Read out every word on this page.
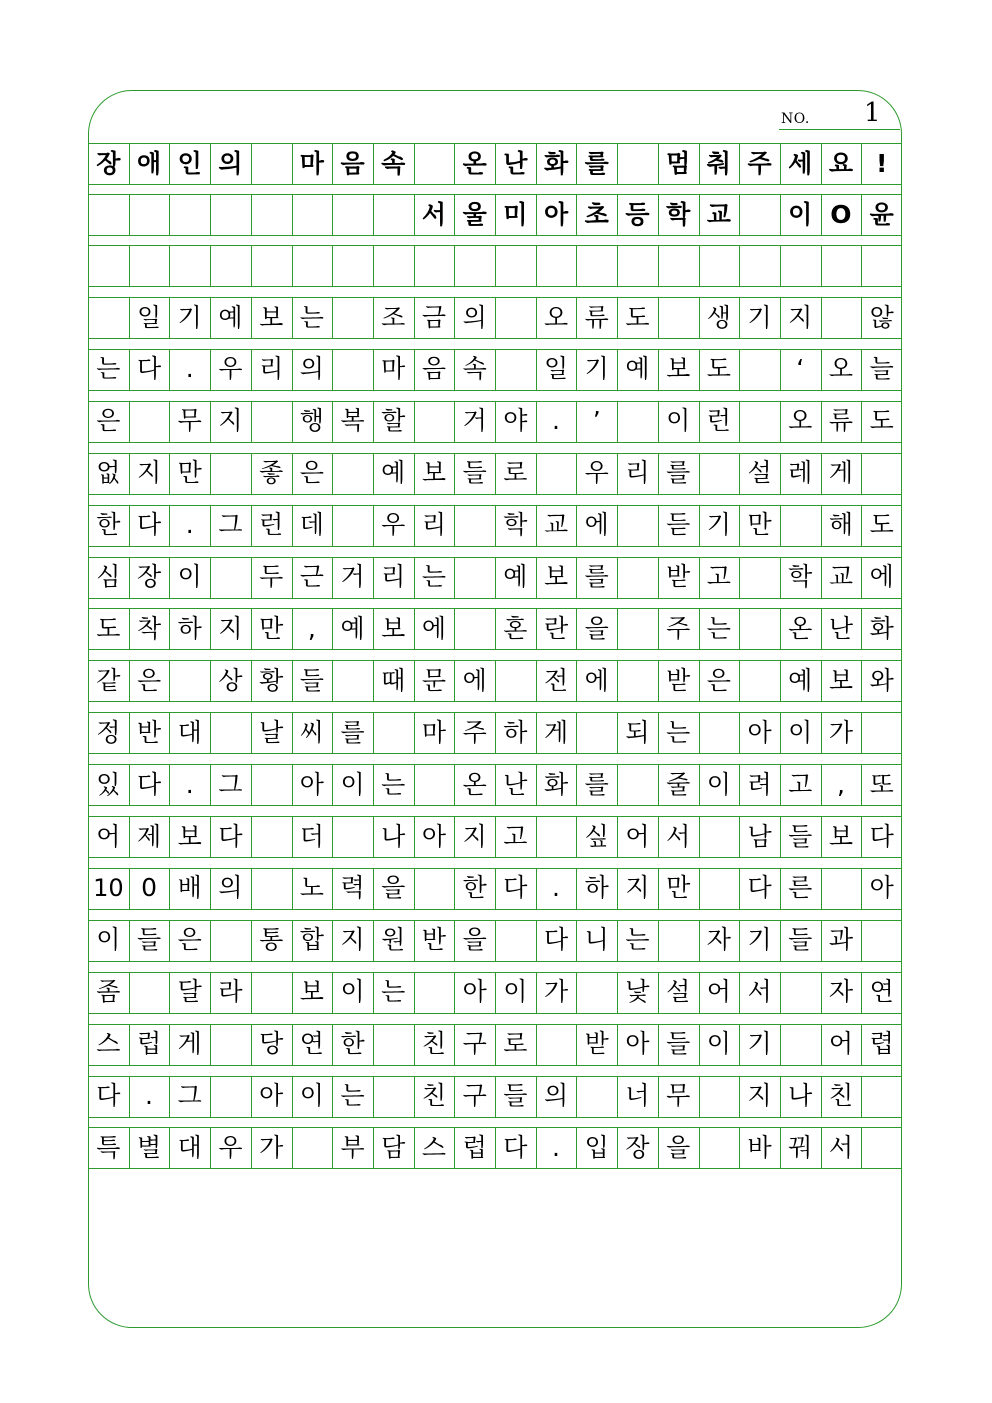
NO. 1
장 애 인 의	마 음 속	온 난 화 를	멈 춰 주 세 요 !
서 울 미 아 초 등 학 교	이 O 윤
일 기 예 보 는	조 금 의	오 류 도	생 기 지	않
는 다 . 우 리 의	마 음 속	일 기 예 보 도	‘ 오 늘
은	무 지	행 복 할	거 야 .	’	이 런	오 류 도
없 지 만	좋 은	예 보 들 로	우 리 를	설 레 게
한 다 . 그 런 데	우 리	학 교 에	듣 기 만	해 도
심 장 이	두 근 거 리 는	예 보 를	받 고	학 교 에
도 착 하 지 만 , 예 보 에	혼 란 을	주 는	온 난 화
같 은	상 황 들	때 문 에	전 에	받 은	예 보 와
정 반 대	날 씨 를	마 주 하 게	되 는	아 이 가
있 다 . 그	아 이 는	온 난 화 를	줄 이 려 고 , 또
어 제 보 다	더	나 아 지 고	싶 어 서	남 들 보 다
10 0 배 의	노 력 을	한 다 . 하 지 만	다 른	아
이 들 은	통 합 지 원 반 을	다 니 는	자 기 들 과
좀	달 라	보 이 는	아 이 가	낯 설 어 서	자 연
스 럽 게	당 연 한	친 구 로	받 아 들 이 기	어 렵
다 . 그	아 이 는	친 구 들 의	너 무	지 나 친
특 별 대 우 가	부 담 스 럽 다 . 입 장 을	바 꿔 서
